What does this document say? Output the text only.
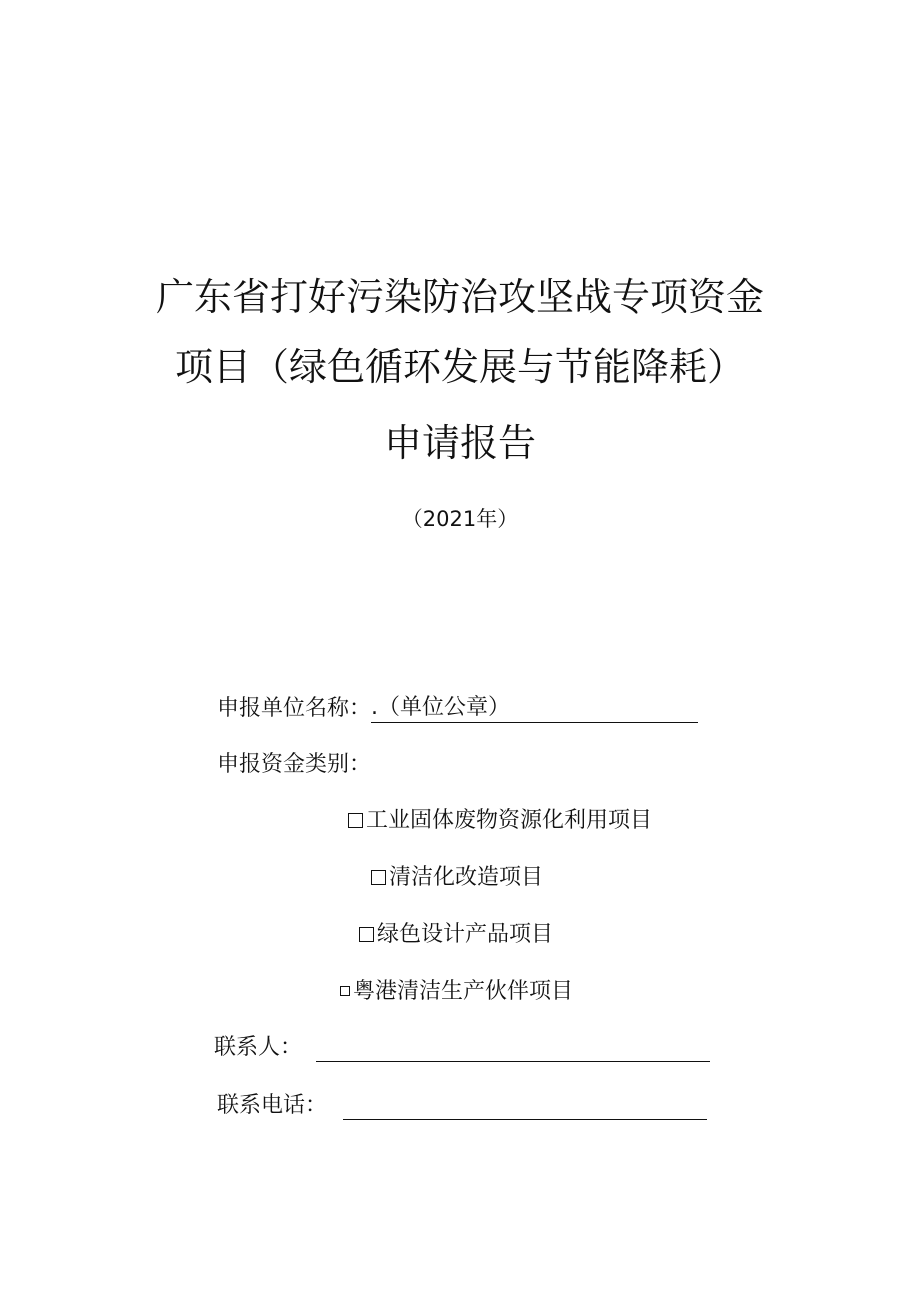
广东省打好污染防治攻坚战专项资金
项目（绿色循环发展与节能降耗）
申请报告
（2021年）
申报单位名称：.（单位公章）
申报资金类别：
工业固体废物资源化利用项目
清洁化改造项目
绿色设计产品项目
粤港清洁生产伙伴项目
联系人：
联系电话：
